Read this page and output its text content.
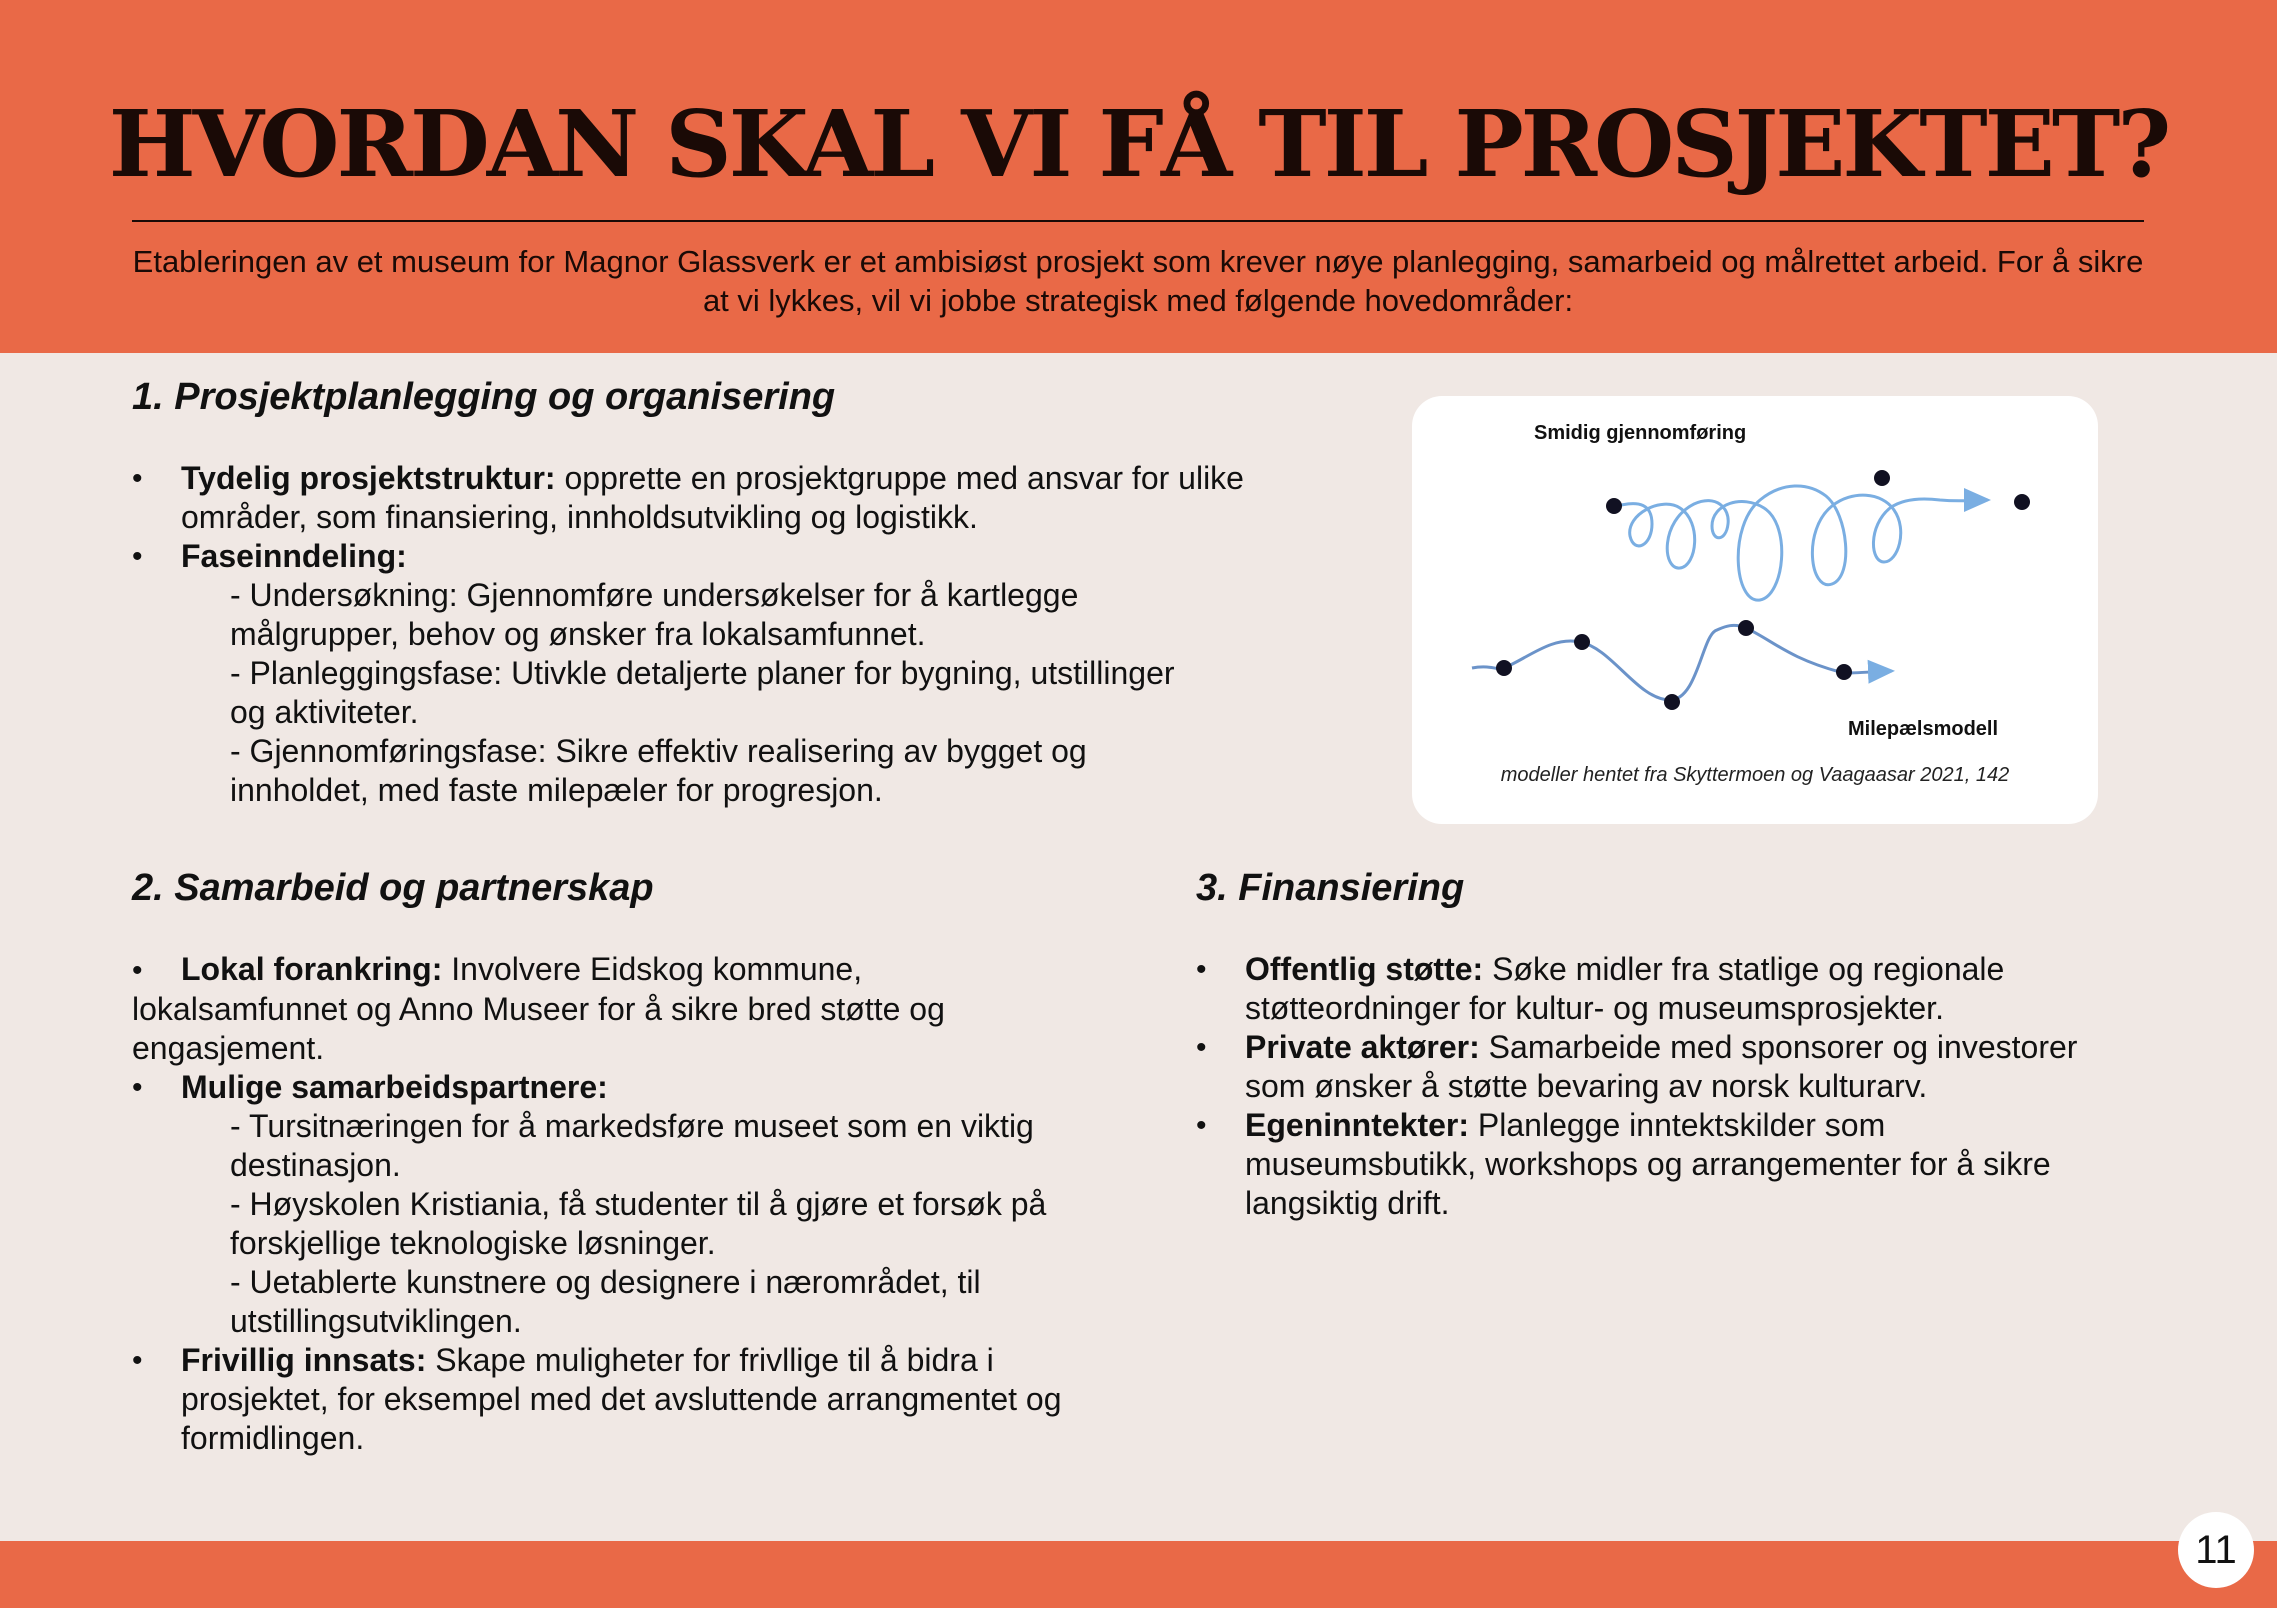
HVORDAN SKAL VI FÅ TIL PROSJEKTET?

Etableringen av et museum for Magnor Glassverk er et ambisiøst prosjekt som krever nøye planlegging, samarbeid og målrettet arbeid. For å sikre at vi lykkes, vil vi jobbe strategisk med følgende hovedområder:

1. Prosjektplanlegging og organisering
•	Tydelig prosjektstruktur: opprette en prosjektgruppe med ansvar for ulike områder, som finansiering, innholdsutvikling og logistikk.
•	Faseinndeling:
- Undersøkning: Gjennomføre undersøkelser for å kartlegge målgrupper, behov og ønsker fra lokalsamfunnet.
- Planleggingsfase: Utivkle detaljerte planer for bygning, utstillinger og aktiviteter.
- Gjennomføringsfase: Sikre effektiv realisering av bygget og innholdet, med faste milepæler for progresjon.
Smidig gjennomføring
Milepælsmodell
modeller hentet fra Skyttermoen og Vaagaasar 2021, 142
2. Samarbeid og partnerskap
• Lokal forankring: Involvere Eidskog kommune, lokalsamfunnet og Anno Museer for å sikre bred støtte og engasjement.
•	Mulige samarbeidspartnere:
- Tursitnæringen for å markedsføre museet som en viktig destinasjon.
- Høyskolen Kristiania, få studenter til å gjøre et forsøk på forskjellige teknologiske løsninger.
- Uetablerte kunstnere og designere i nærområdet, til utstillingsutviklingen.
•	Frivillig innsats: Skape muligheter for frivllige til å bidra i prosjektet, for eksempel med det avsluttende arrangmentet og formidlingen.
3. Finansiering
•	Offentlig støtte: Søke midler fra statlige og regionale støtteordninger for kultur- og museumsprosjekter.
•	Private aktører: Samarbeide med sponsorer og investorer som ønsker å støtte bevaring av norsk kulturarv.
•	Egeninntekter: Planlegge inntektskilder som museumsbutikk, workshops og arrangementer for å sikre langsiktig drift.
11
